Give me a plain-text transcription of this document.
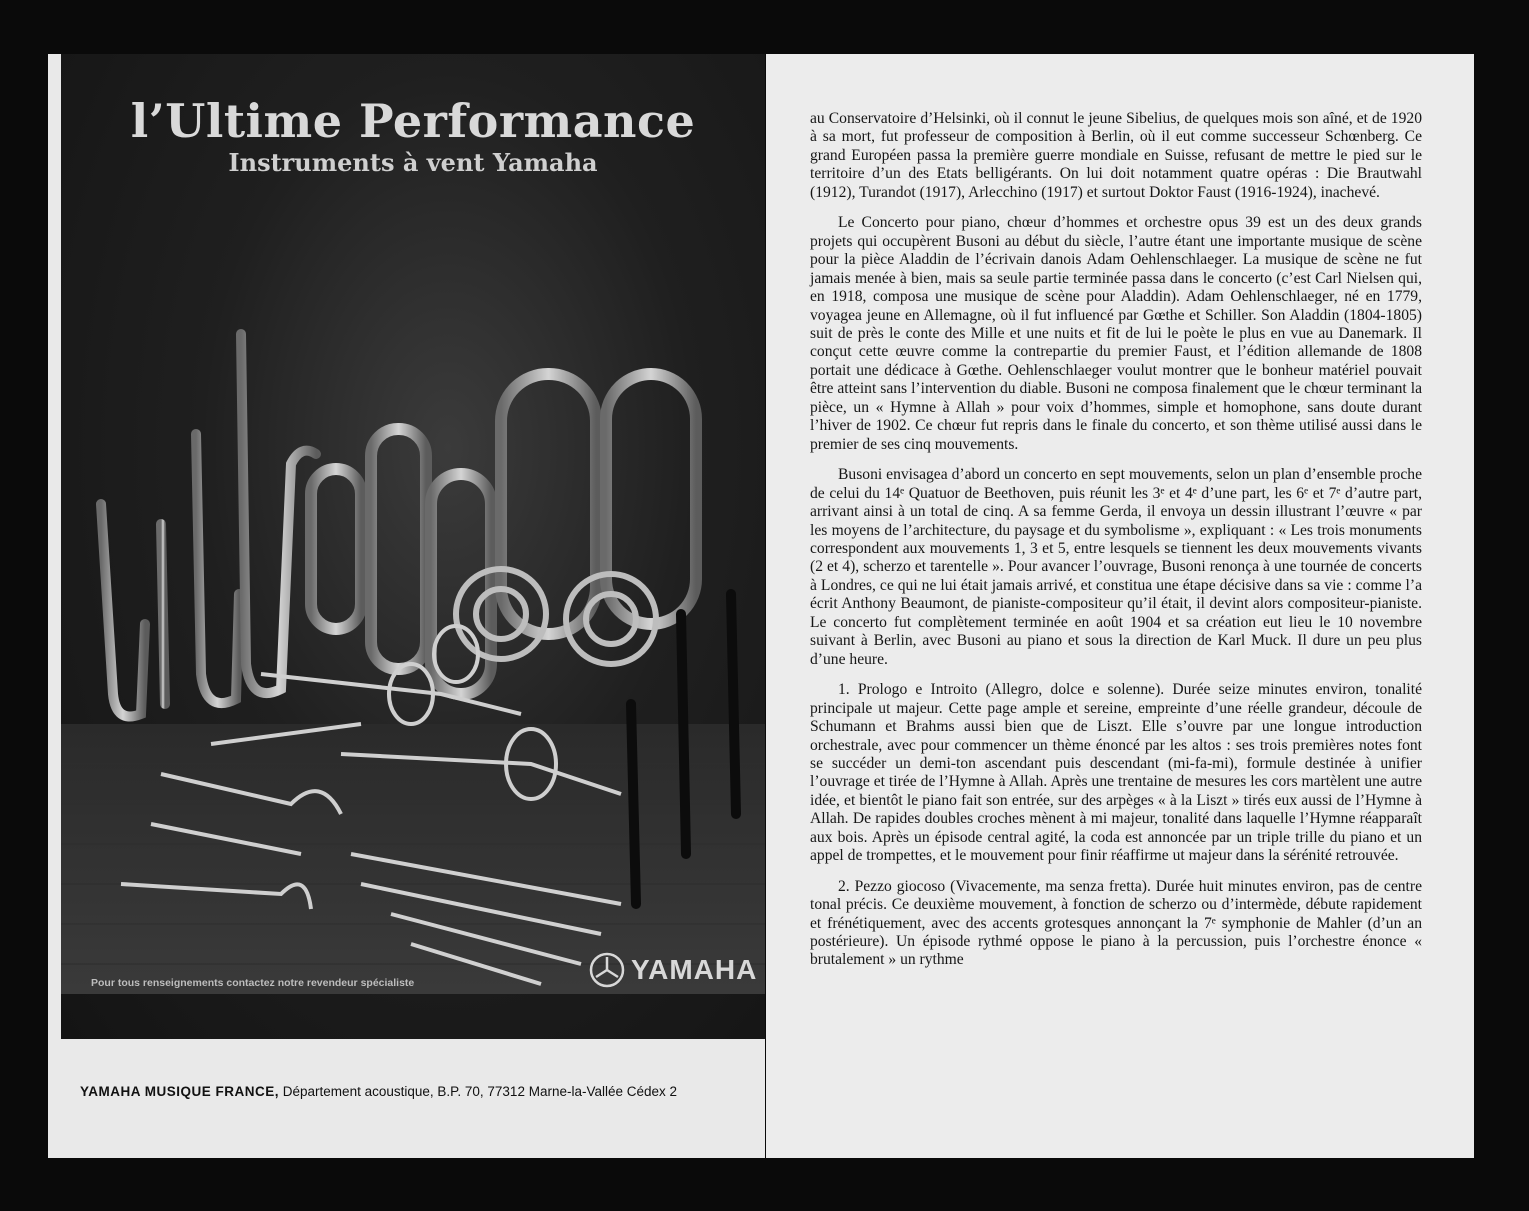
l’Ultime Performance
Instruments à vent Yamaha
Pour tous renseignements contactez notre revendeur spécialiste	YAMAHA
YAMAHA MUSIQUE FRANCE, Département acoustique, B.P. 70, 77312 Marne-la-Vallée Cédex 2

au Conservatoire d’Helsinki, où il connut le jeune Sibelius, de quelques mois son aîné, et de 1920 à sa mort, fut professeur de composition à Berlin, où il eut comme successeur Schœnberg. Ce grand Européen passa la première guerre mondiale en Suisse, refusant de mettre le pied sur le territoire d’un des Etats belligérants. On lui doit notamment quatre opéras : Die Brautwahl (1912), Turandot (1917), Arlecchino (1917) et surtout Doktor Faust (1916-1924), inachevé.

Le Concerto pour piano, chœur d’hommes et orchestre opus 39 est un des deux grands projets qui occupèrent Busoni au début du siècle, l’autre étant une importante musique de scène pour la pièce Aladdin de l’écrivain danois Adam Oehlenschlaeger. La musique de scène ne fut jamais menée à bien, mais sa seule partie terminée passa dans le concerto (c’est Carl Nielsen qui, en 1918, composa une musique de scène pour Aladdin). Adam Oehlenschlaeger, né en 1779, voyagea jeune en Allemagne, où il fut influencé par Gœthe et Schiller. Son Aladdin (1804-1805) suit de près le conte des Mille et une nuits et fit de lui le poète le plus en vue au Danemark. Il conçut cette œuvre comme la contrepartie du premier Faust, et l’édition allemande de 1808 portait une dédicace à Gœthe. Oehlenschlaeger voulut montrer que le bonheur matériel pouvait être atteint sans l’intervention du diable. Busoni ne composa finalement que le chœur terminant la pièce, un « Hymne à Allah » pour voix d’hommes, simple et homophone, sans doute durant l’hiver de 1902. Ce chœur fut repris dans le finale du concerto, et son thème utilisé aussi dans le premier de ses cinq mouvements.

Busoni envisagea d’abord un concerto en sept mouvements, selon un plan d’ensemble proche de celui du 14ᵉ Quatuor de Beethoven, puis réunit les 3ᵉ et 4ᵉ d’une part, les 6ᵉ et 7ᵉ d’autre part, arrivant ainsi à un total de cinq. A sa femme Gerda, il envoya un dessin illustrant l’œuvre « par les moyens de l’architecture, du paysage et du symbolisme », expliquant : « Les trois monuments correspondent aux mouvements 1, 3 et 5, entre lesquels se tiennent les deux mouvements vivants (2 et 4), scherzo et tarentelle ». Pour avancer l’ouvrage, Busoni renonça à une tournée de concerts à Londres, ce qui ne lui était jamais arrivé, et constitua une étape décisive dans sa vie : comme l’a écrit Anthony Beaumont, de pianiste-compositeur qu’il était, il devint alors compositeur-pianiste. Le concerto fut complètement terminée en août 1904 et sa création eut lieu le 10 novembre suivant à Berlin, avec Busoni au piano et sous la direction de Karl Muck. Il dure un peu plus d’une heure.

1. Prologo e Introito (Allegro, dolce e solenne). Durée seize minutes environ, tonalité principale ut majeur. Cette page ample et sereine, empreinte d’une réelle grandeur, découle de Schumann et Brahms aussi bien que de Liszt. Elle s’ouvre par une longue introduction orchestrale, avec pour commencer un thème énoncé par les altos : ses trois premières notes font se succéder un demi-ton ascendant puis descendant (mi-fa-mi), formule destinée à unifier l’ouvrage et tirée de l’Hymne à Allah. Après une trentaine de mesures les cors martèlent une autre idée, et bientôt le piano fait son entrée, sur des arpèges « à la Liszt » tirés eux aussi de l’Hymne à Allah. De rapides doubles croches mènent à mi majeur, tonalité dans laquelle l’Hymne réapparaît aux bois. Après un épisode central agité, la coda est annoncée par un triple trille du piano et un appel de trompettes, et le mouvement pour finir réaffirme ut majeur dans la sérénité retrouvée.

2. Pezzo giocoso (Vivacemente, ma senza fretta). Durée huit minutes environ, pas de centre tonal précis. Ce deuxième mouvement, à fonction de scherzo ou d’intermède, débute rapidement et frénétiquement, avec des accents grotesques annonçant la 7ᵉ symphonie de Mahler (d’un an postérieure). Un épisode rythmé oppose le piano à la percussion, puis l’orchestre énonce « brutalement » un rythme
